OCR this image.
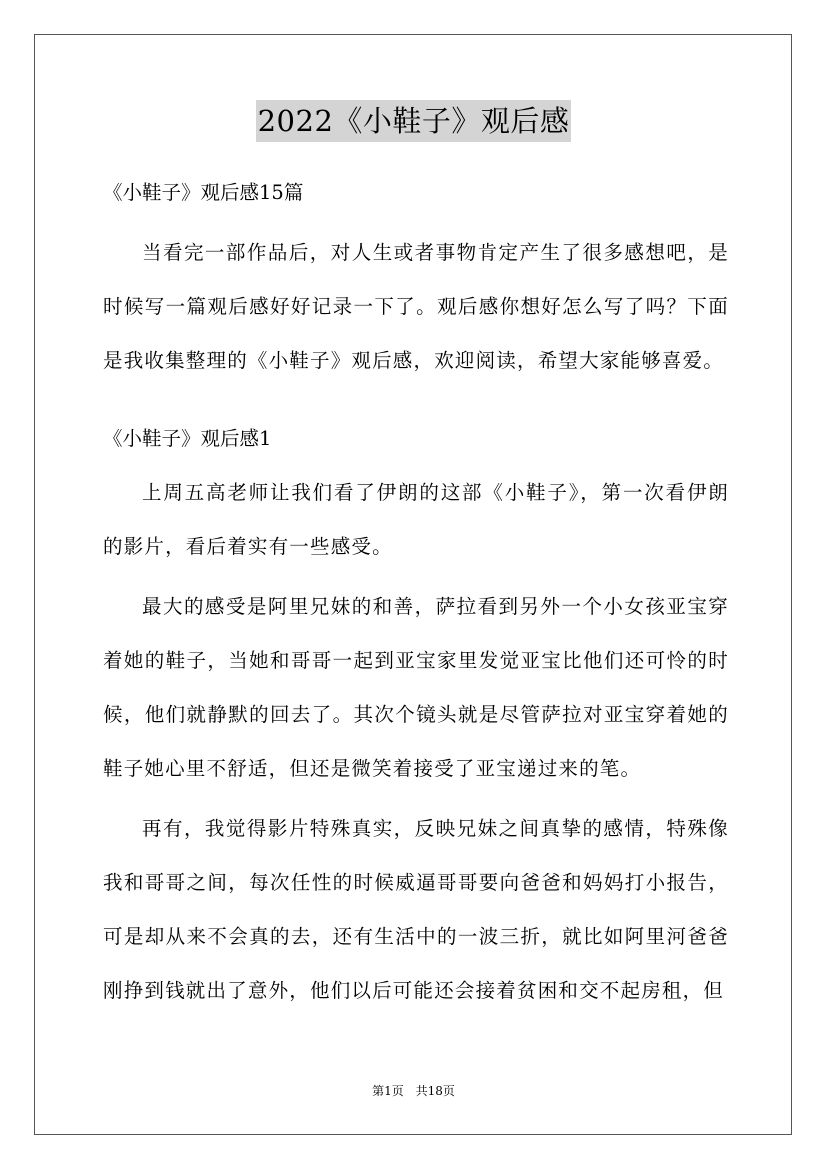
2022《小鞋子》观后感

《小鞋子》观后感15篇

当看完一部作品后，对人生或者事物肯定产生了很多感想吧，是时候写一篇观后感好好记录一下了。观后感你想好怎么写了吗？下面是我收集整理的《小鞋子》观后感，欢迎阅读，希望大家能够喜爱。

《小鞋子》观后感1

上周五高老师让我们看了伊朗的这部《小鞋子》，第一次看伊朗的影片，看后着实有一些感受。

最大的感受是阿里兄妹的和善，萨拉看到另外一个小女孩亚宝穿着她的鞋子，当她和哥哥一起到亚宝家里发觉亚宝比他们还可怜的时候，他们就静默的回去了。其次个镜头就是尽管萨拉对亚宝穿着她的鞋子她心里不舒适，但还是微笑着接受了亚宝递过来的笔。

再有，我觉得影片特殊真实，反映兄妹之间真挚的感情，特殊像我和哥哥之间，每次任性的时候威逼哥哥要向爸爸和妈妈打小报告，可是却从来不会真的去，还有生活中的一波三折，就比如阿里河爸爸刚挣到钱就出了意外，他们以后可能还会接着贫困和交不起房租，但

第1页 共18页
